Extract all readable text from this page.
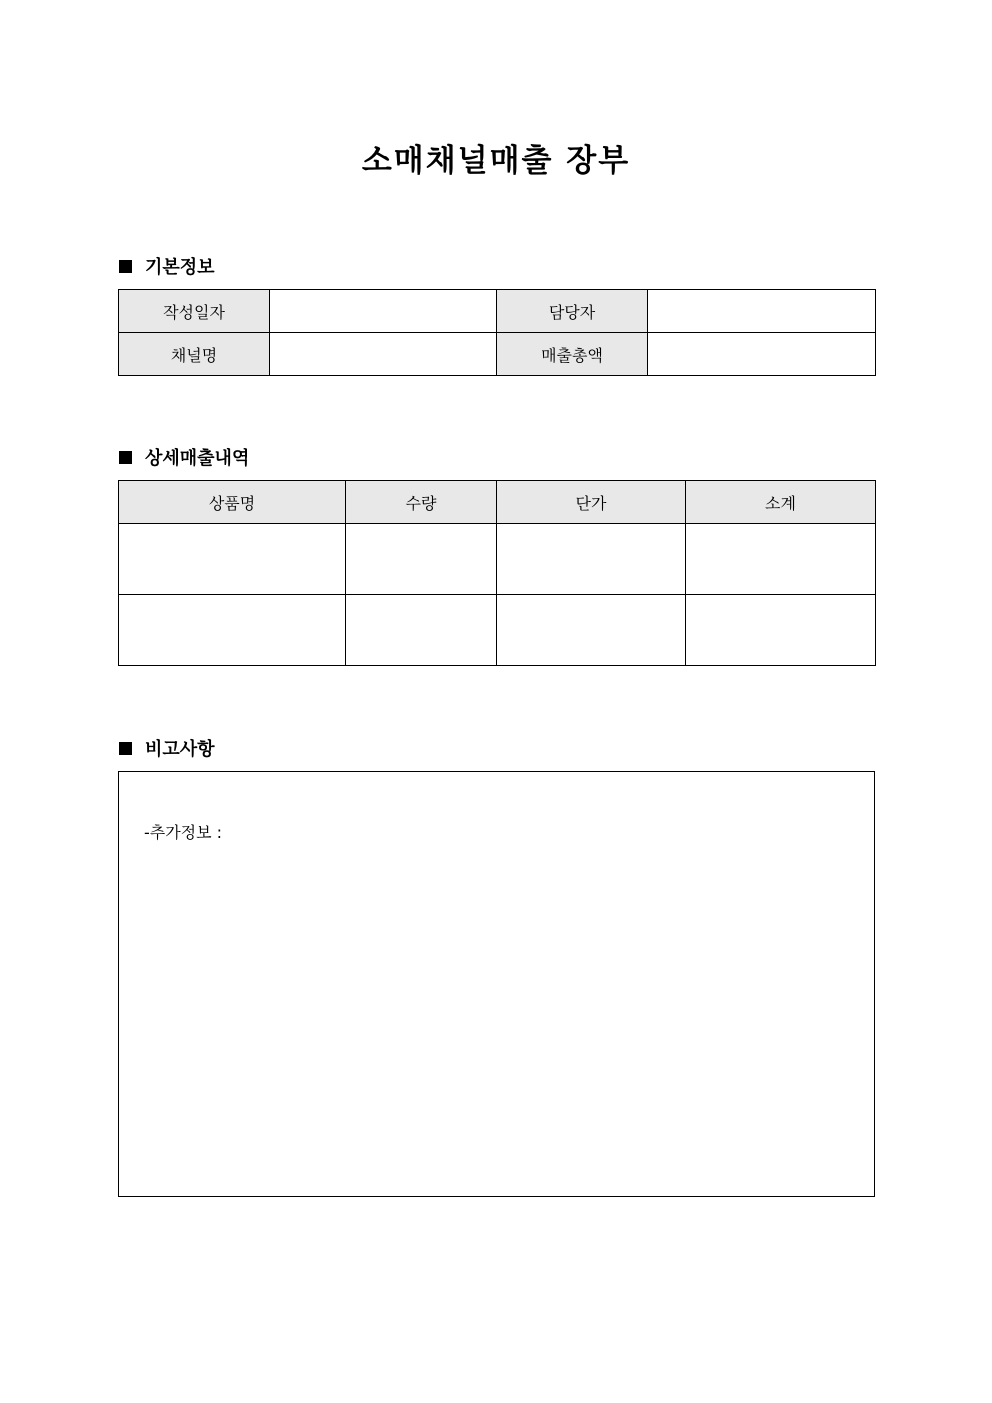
소매채널매출 장부
기본정보
작성일자		담당자	
채널명		매출총액	
상세매출내역
상품명	수량	단가	소계

비고사항
-추가정보 :
